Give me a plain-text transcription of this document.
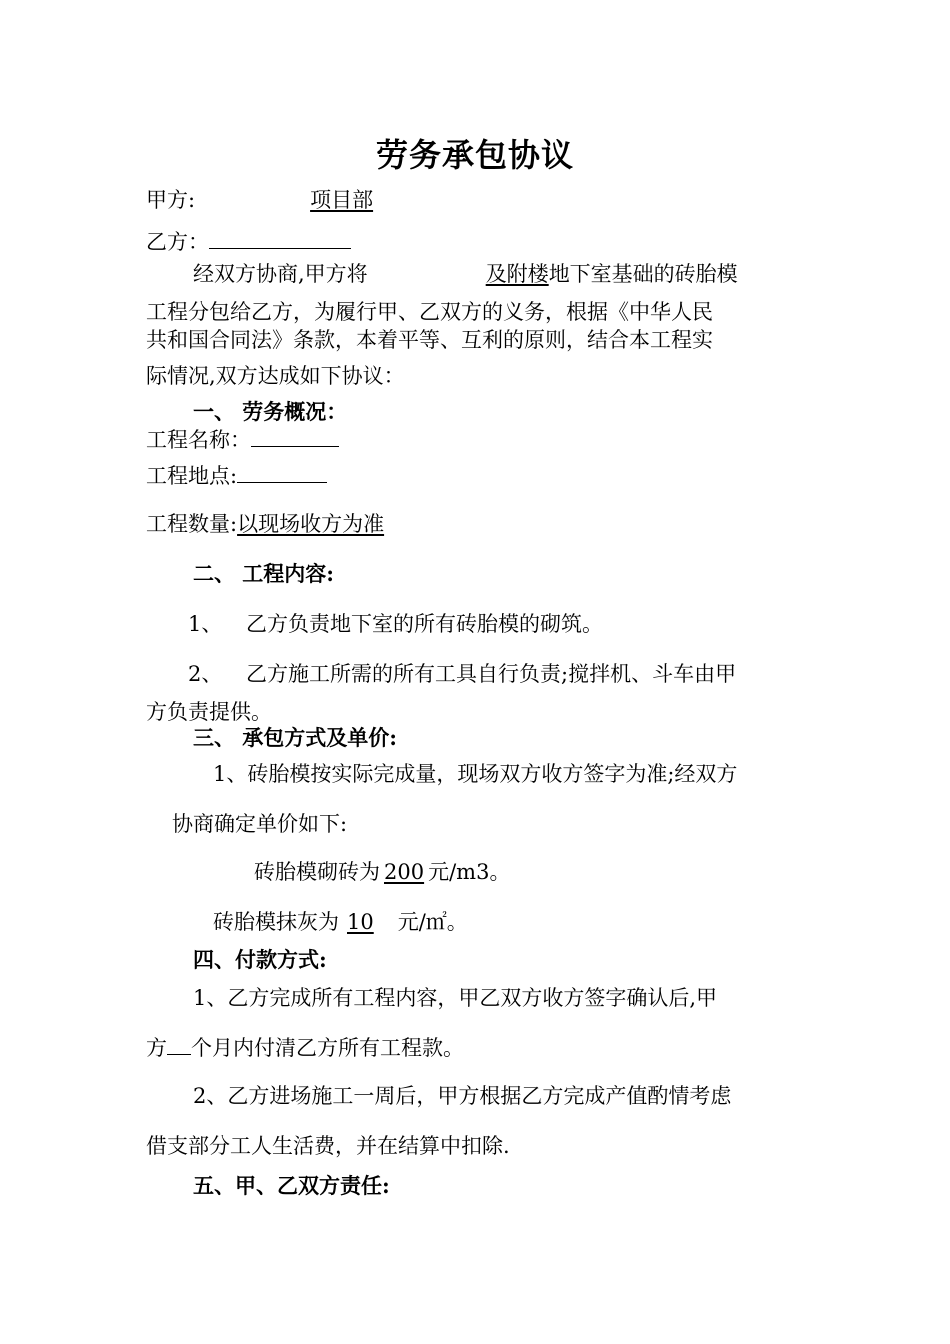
劳务承包协议
甲方:	项目部
乙方：
经双方协商,甲方将	及附楼地下室基础的砖胎模
工程分包给乙方，为履行甲、乙双方的义务，根据《中华人民
共和国合同法》条款，本着平等、互利的原则，结合本工程实
际情况,双方达成如下协议：
一、 劳务概况：
工程名称：
工程地点:
工程数量:以现场收方为准
二、 工程内容:
1、 乙方负责地下室的所有砖胎模的砌筑。
2、 乙方施工所需的所有工具自行负责;搅拌机、斗车由甲
方负责提供。
三、 承包方式及单价:
1、砖胎模按实际完成量，现场双方收方签字为准;经双方
协商确定单价如下:
砖胎模砌砖为 200 元/m3。
砖胎模抹灰为 10 元/㎡。
四、付款方式:
1、乙方完成所有工程内容，甲乙双方收方签字确认后,甲
方 个月内付清乙方所有工程款。
2、乙方进场施工一周后，甲方根据乙方完成产值酌情考虑
借支部分工人生活费，并在结算中扣除.
五、甲、乙双方责任:
